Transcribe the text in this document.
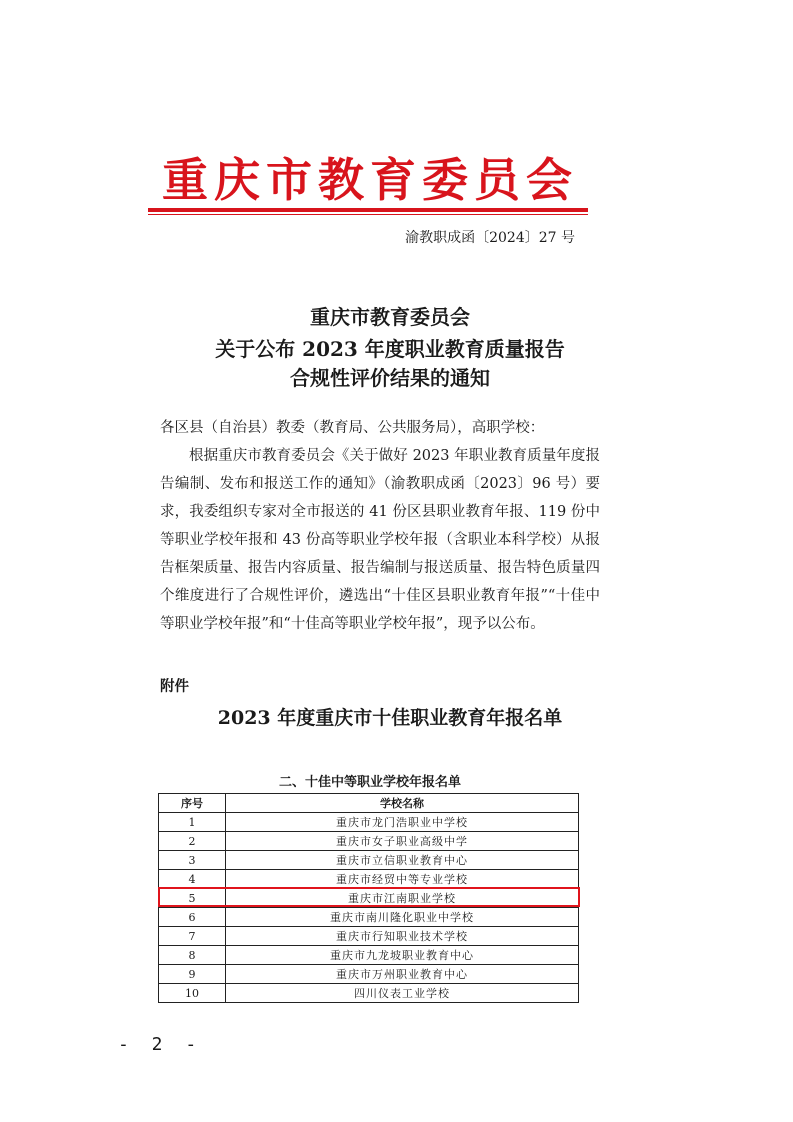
重庆市教育委员会
渝教职成函〔2024〕27 号
重庆市教育委员会
关于公布 2023 年度职业教育质量报告
合规性评价结果的通知

各区县（自治县）教委（教育局、公共服务局），高职学校：

根据重庆市教育委员会《关于做好 2023 年职业教育质量年度报告编制、发布和报送工作的通知》（渝教职成函〔2023〕96 号）要求，我委组织专家对全市报送的 41 份区县职业教育年报、119 份中等职业学校年报和 43 份高等职业学校年报（含职业本科学校）从报告框架质量、报告内容质量、报告编制与报送质量、报告特色质量四个维度进行了合规性评价，遴选出“十佳区县职业教育年报”“十佳中等职业学校年报”和“十佳高等职业学校年报”，现予以公布。

附件
2023 年度重庆市十佳职业教育年报名单
二、十佳中等职业学校年报名单
序号	学校名称
1	重庆市龙门浩职业中学校
2	重庆市女子职业高级中学
3	重庆市立信职业教育中心
4	重庆市经贸中等专业学校
5	重庆市江南职业学校
6	重庆市南川隆化职业中学校
7	重庆市行知职业技术学校
8	重庆市九龙坡职业教育中心
9	重庆市万州职业教育中心
10	四川仪表工业学校
- 2 -
